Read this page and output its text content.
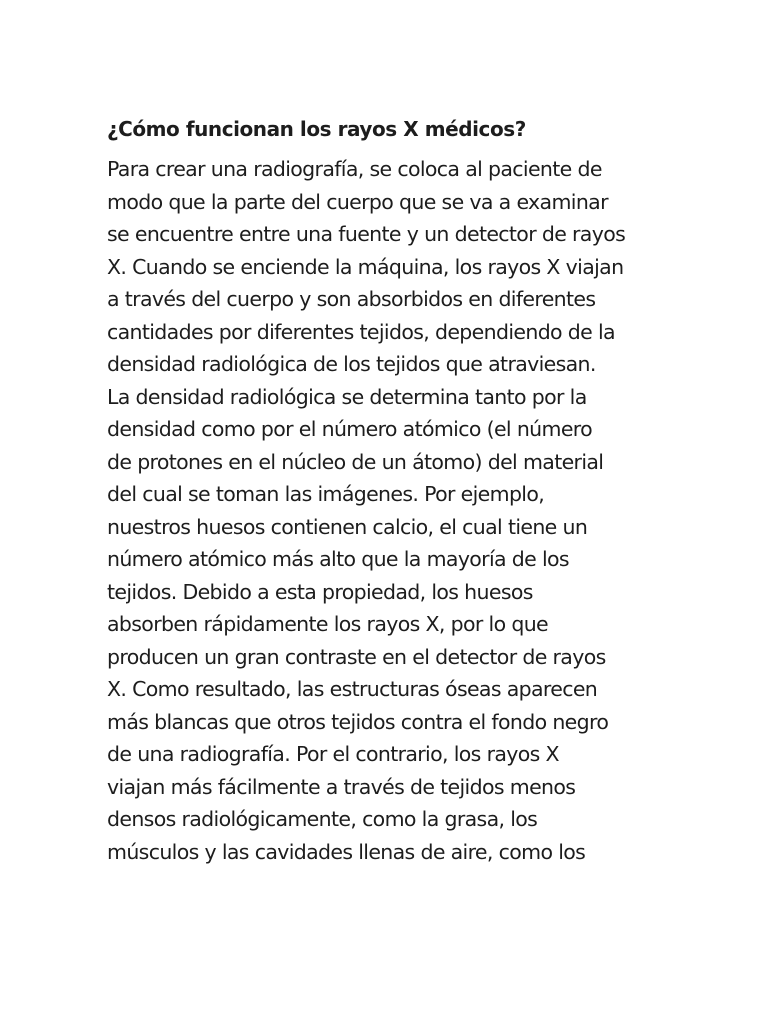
¿Cómo funcionan los rayos X médicos?
Para crear una radiografía, se coloca al paciente de
modo que la parte del cuerpo que se va a examinar
se encuentre entre una fuente y un detector de rayos
X. Cuando se enciende la máquina, los rayos X viajan
a través del cuerpo y son absorbidos en diferentes
cantidades por diferentes tejidos, dependiendo de la
densidad radiológica de los tejidos que atraviesan.
La densidad radiológica se determina tanto por la
densidad como por el número atómico (el número
de protones en el núcleo de un átomo) del material
del cual se toman las imágenes. Por ejemplo,
nuestros huesos contienen calcio, el cual tiene un
número atómico más alto que la mayoría de los
tejidos. Debido a esta propiedad, los huesos
absorben rápidamente los rayos X, por lo que
producen un gran contraste en el detector de rayos
X. Como resultado, las estructuras óseas aparecen
más blancas que otros tejidos contra el fondo negro
de una radiografía. Por el contrario, los rayos X
viajan más fácilmente a través de tejidos menos
densos radiológicamente, como la grasa, los
músculos y las cavidades llenas de aire, como los
